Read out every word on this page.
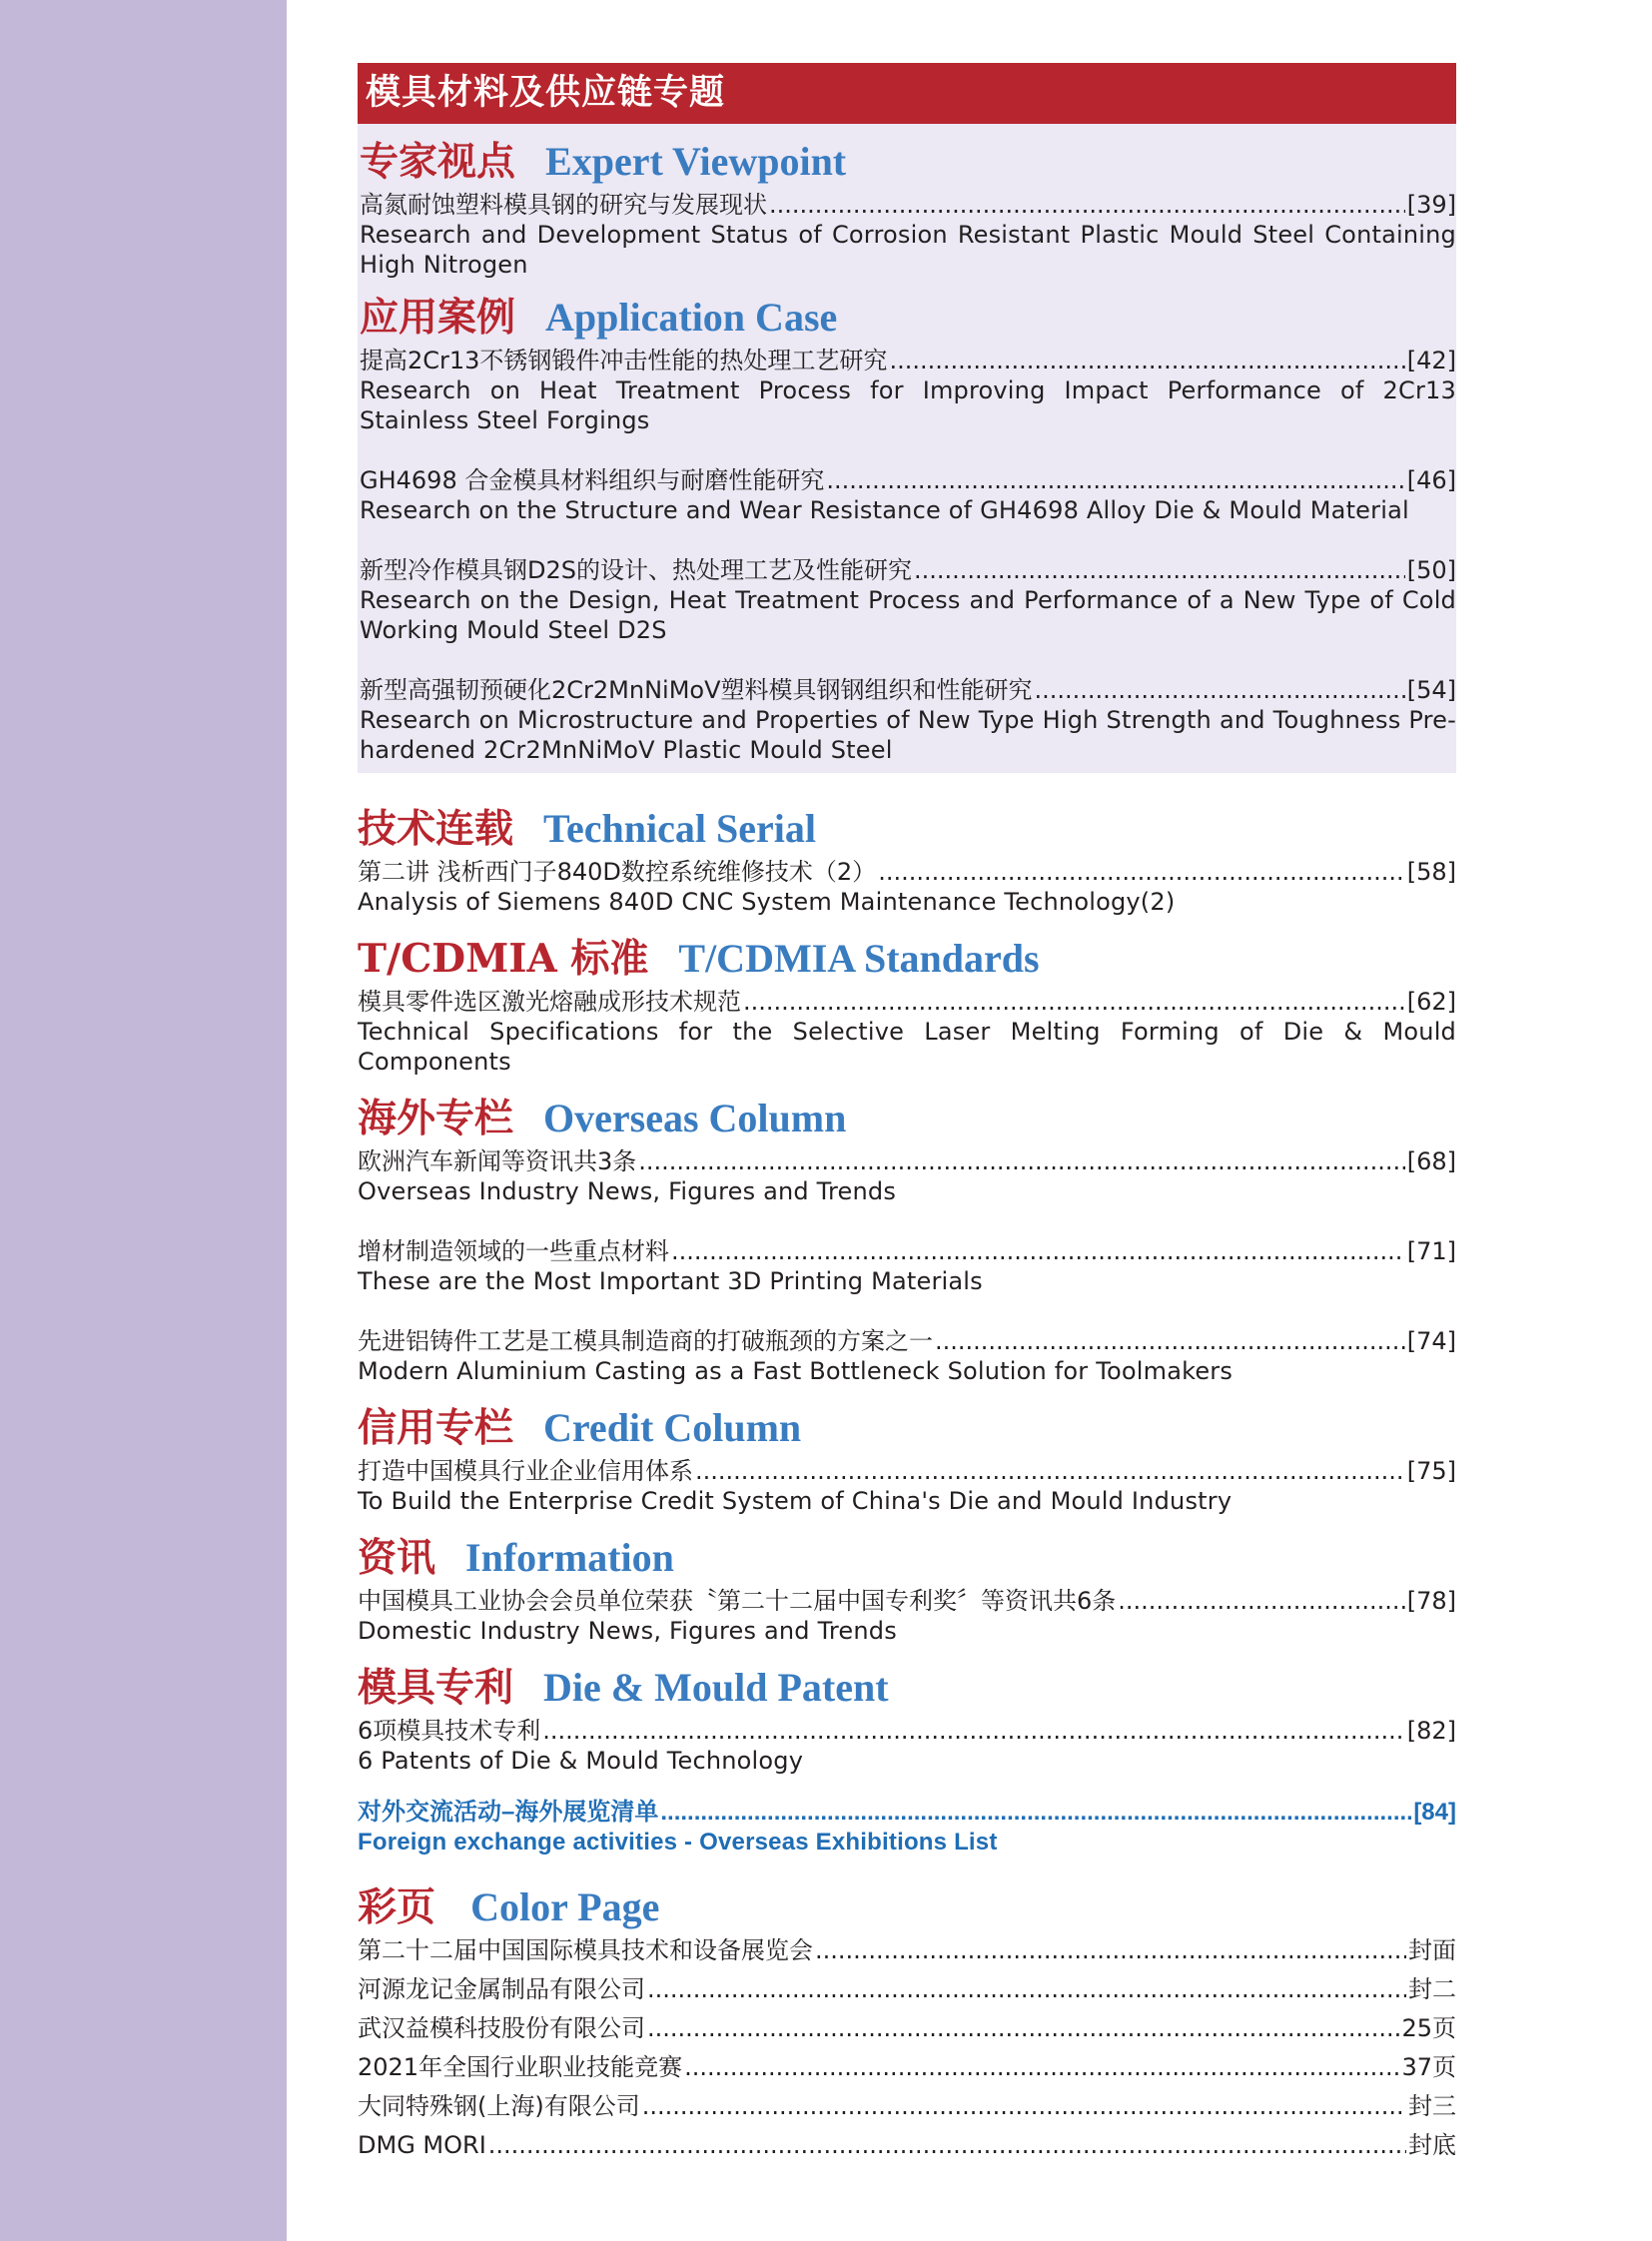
模具材料及供应链专题
专家视点 Expert Viewpoint
高氮耐蚀塑料模具钢的研究与发展现状 .....	[39]
Research and Development Status of Corrosion Resistant Plastic Mould Steel Containing High Nitrogen
应用案例 Application Case
提高2Cr13不锈钢锻件冲击性能的热处理工艺研究 .....	[42]
Research on Heat Treatment Process for Improving Impact Performance of 2Cr13 Stainless Steel Forgings
GH4698 合金模具材料组织与耐磨性能研究 .....	[46]
Research on the Structure and Wear Resistance of GH4698 Alloy Die & Mould Material
新型冷作模具钢D2S的设计、热处理工艺及性能研究 .....	[50]
Research on the Design, Heat Treatment Process and Performance of a New Type of Cold Working Mould Steel D2S
新型高强韧预硬化2Cr2MnNiMoV塑料模具钢钢组织和性能研究 .....	[54]
Research on Microstructure and Properties of New Type High Strength and Toughness Pre-hardened 2Cr2MnNiMoV Plastic Mould Steel
技术连载 Technical Serial
第二讲 浅析西门子840D数控系统维修技术（2） .....	[58]
Analysis of Siemens 840D CNC System Maintenance Technology(2)
T/CDMIA 标准 T/CDMIA Standards
模具零件选区激光熔融成形技术规范 .....	[62]
Technical Specifications for the Selective Laser Melting Forming of Die & Mould Components
海外专栏 Overseas Column
欧洲汽车新闻等资讯共3条 .....	[68]
Overseas Industry News, Figures and Trends
增材制造领域的一些重点材料 .....	[71]
These are the Most Important 3D Printing Materials
先进铝铸件工艺是工模具制造商的打破瓶颈的方案之一 .....	[74]
Modern Aluminium Casting as a Fast Bottleneck Solution for Toolmakers
信用专栏 Credit Column
打造中国模具行业企业信用体系 .....	[75]
To Build the Enterprise Credit System of China's Die and Mould Industry
资讯 Information
中国模具工业协会会员单位荣获〝第二十二届中国专利奖〞等资讯共6条 .....	[78]
Domestic Industry News, Figures and Trends
模具专利 Die & Mould Patent
6项模具技术专利 .....	[82]
6 Patents of Die & Mould Technology
对外交流活动–海外展览清单 .....	[84]
Foreign exchange activities - Overseas Exhibitions List
彩页 Color Page
第二十二届中国国际模具技术和设备展览会 .....	封面
河源龙记金属制品有限公司 .....	封二
武汉益模科技股份有限公司 .....	25页
2021年全国行业职业技能竞赛 .....	37页
大同特殊钢(上海)有限公司 .....	封三
DMG MORI .....	封底
